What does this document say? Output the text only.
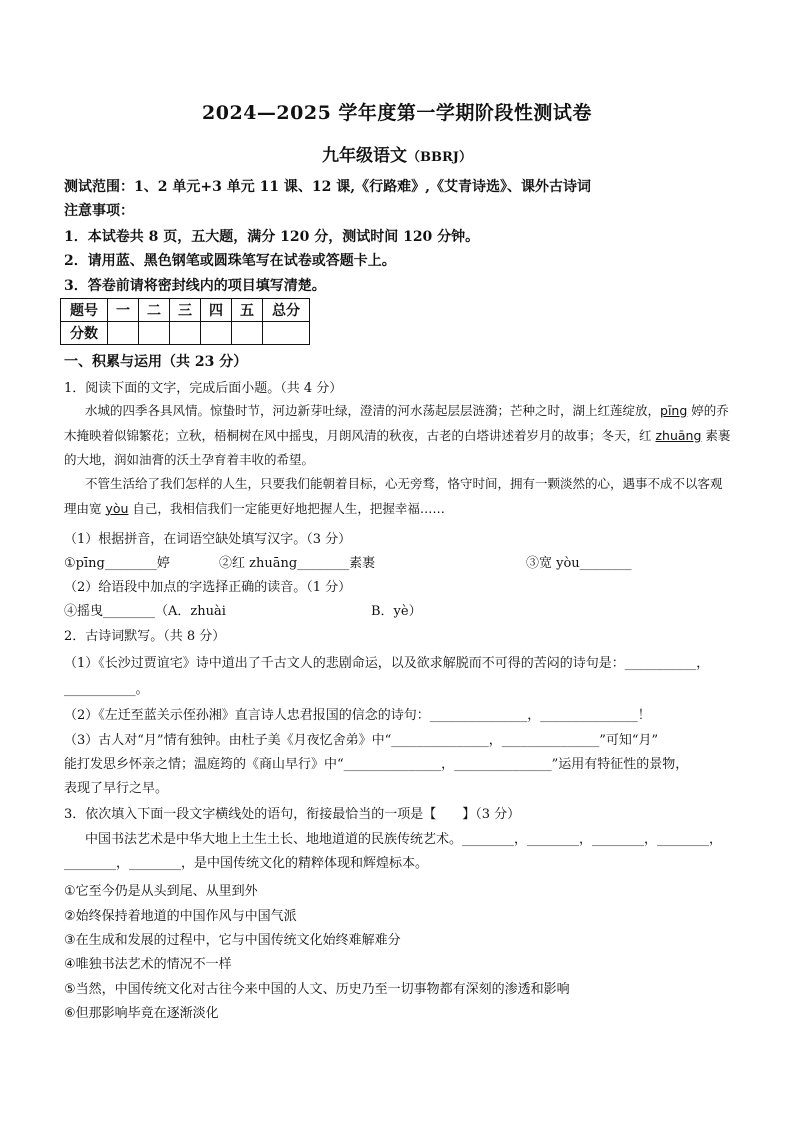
2024—2025 学年度第一学期阶段性测试卷
九年级语文（BBRJ）
测试范围：1、2 单元+3 单元 11 课、12 课,《行路难》,《艾青诗选》、课外古诗词
注意事项：
1．本试卷共 8 页，五大题，满分 120 分，测试时间 120 分钟。
2．请用蓝、黑色钢笔或圆珠笔写在试卷或答题卡上。
3．答卷前请将密封线内的项目填写清楚。
题号	一	二	三	四	五	总分
分数						
一、积累与运用（共 23 分）
1．阅读下面的文字，完成后面小题。（共 4 分）
水城的四季各具风情。惊蛰时节，河边新芽吐绿，澄清的河水荡起层层涟漪；芒种之时，湖上红莲绽放，pīng 婷的乔木掩映着似锦繁花；立秋，梧桐树在风中摇曳，月朗风清的秋夜，古老的白塔讲述着岁月的故事；冬天，红 zhuāng 素裹的大地，润如油膏的沃土孕育着丰收的希望。
不管生活给了我们怎样的人生，只要我们能朝着目标，心无旁骛，恪守时间，拥有一颗淡然的心，遇事不成不以客观理由宽 yòu 自己，我相信我们一定能更好地把握人生，把握幸福……
（1）根据拼音，在词语空缺处填写汉字。（3 分）
①pīng________婷	②红 zhuāng________素裹	③宽 yòu________
（2）给语段中加点的字选择正确的读音。（1 分）
④摇曳________（A．zhuài	B．yè）
2．古诗词默写。（共 8 分）
（1）《长沙过贾谊宅》诗中道出了千古文人的悲剧命运，以及欲求解脱而不可得的苦闷的诗句是：___________，
___________。
（2）《左迁至蓝关示侄孙湘》直言诗人忠君报国的信念的诗句：_______________，_______________！
（3）古人对“月”情有独钟。由杜子美《月夜忆舍弟》中“_______________，_______________”可知“月”
能打发思乡怀亲之情；温庭筠的《商山早行》中“_______________，_______________”运用有特征性的景物，
表现了早行之早。
3．依次填入下面一段文字横线处的语句，衔接最恰当的一项是【　　】（3 分）
中国书法艺术是中华大地上土生土长、地地道道的民族传统艺术。________，________，________，________，
________，________，是中国传统文化的精粹体现和辉煌标本。
①它至今仍是从头到尾、从里到外
②始终保持着地道的中国作风与中国气派
③在生成和发展的过程中，它与中国传统文化始终难解难分
④唯独书法艺术的情况不一样
⑤当然，中国传统文化对古往今来中国的人文、历史乃至一切事物都有深刻的渗透和影响
⑥但那影响毕竟在逐渐淡化
